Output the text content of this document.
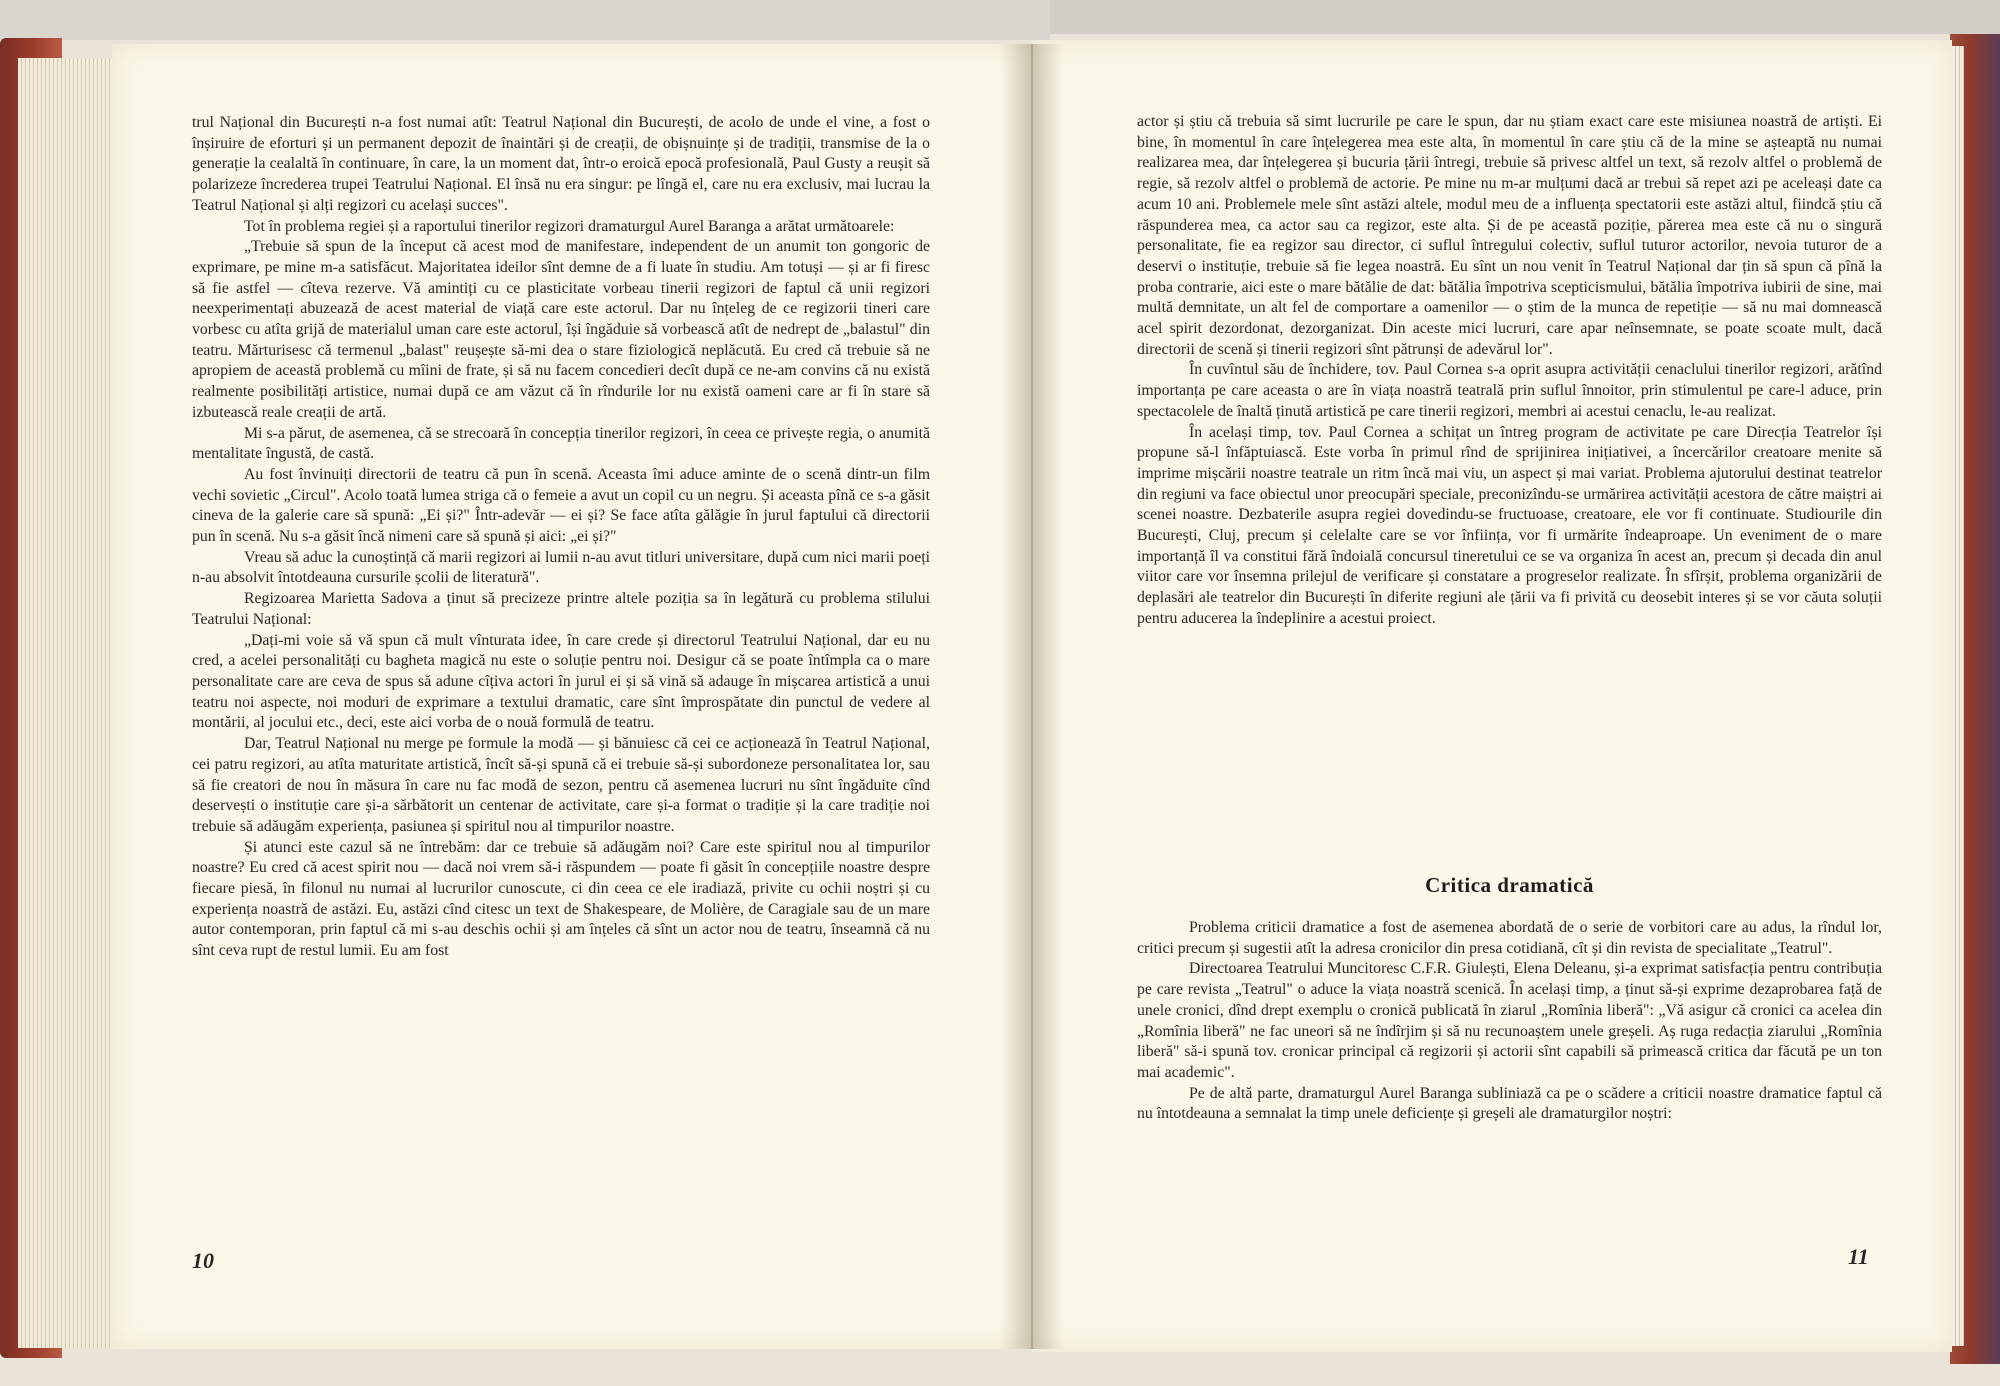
trul Național din București n-a fost numai atît: Teatrul Național din București, de acolo de unde el vine, a fost o înșiruire de eforturi și un permanent depozit de înaintări și de creații, de obișnuințe și de tradiții, transmise de la o generație la cealaltă în continuare, în care, la un moment dat, într-o eroică epocă profesională, Paul Gusty a reușit să polarizeze încrederea trupei Teatrului Național. El însă nu era singur: pe lîngă el, care nu era exclusiv, mai lucrau la Teatrul Național și alți regizori cu același succes".

Tot în problema regiei și a raportului tinerilor regizori dramaturgul Aurel Baranga a arătat următoarele:

„Trebuie să spun de la început că acest mod de manifestare, independent de un anumit ton gongoric de exprimare, pe mine m-a satisfăcut. Majoritatea ideilor sînt demne de a fi luate în studiu. Am totuși — și ar fi firesc să fie astfel — cîteva rezerve. Vă amintiți cu ce plasticitate vorbeau tinerii regizori de faptul că unii regizori neexperimentați abuzează de acest material de viață care este actorul. Dar nu înțeleg de ce regizorii tineri care vorbesc cu atîta grijă de materialul uman care este actorul, își îngăduie să vorbească atît de nedrept de „balastul" din teatru. Mărturisesc că termenul „balast" reușește să-mi dea o stare fiziologică neplăcută. Eu cred că trebuie să ne apropiem de această problemă cu mîini de frate, și să nu facem concedieri decît după ce ne-am convins că nu există realmente posibilități artistice, numai după ce am văzut că în rîndurile lor nu există oameni care ar fi în stare să izbutească reale creații de artă.

Mi s-a părut, de asemenea, că se strecoară în concepția tinerilor regizori, în ceea ce privește regia, o anumită mentalitate îngustă, de castă.

Au fost învinuiți directorii de teatru că pun în scenă. Aceasta îmi aduce aminte de o scenă dintr-un film vechi sovietic „Circul". Acolo toată lumea striga că o femeie a avut un copil cu un negru. Și aceasta pînă ce s-a găsit cineva de la galerie care să spună: „Ei și?" Într-adevăr — ei și? Se face atîta gălăgie în jurul faptului că directorii pun în scenă. Nu s-a găsit încă nimeni care să spună și aici: „ei și?"

Vreau să aduc la cunoștință că marii regizori ai lumii n-au avut titluri universitare, după cum nici marii poeți n-au absolvit întotdeauna cursurile școlii de literatură".

Regizoarea Marietta Sadova a ținut să precizeze printre altele poziția sa în legătură cu problema stilului Teatrului Național:

„Dați-mi voie să vă spun că mult vînturata idee, în care crede și directorul Teatrului Național, dar eu nu cred, a acelei personalități cu bagheta magică nu este o soluție pentru noi. Desigur că se poate întîmpla ca o mare personalitate care are ceva de spus să adune cîțiva actori în jurul ei și să vină să adauge în mișcarea artistică a unui teatru noi aspecte, noi moduri de exprimare a textului dramatic, care sînt împrospătate din punctul de vedere al montării, al jocului etc., deci, este aici vorba de o nouă formulă de teatru.

Dar, Teatrul Național nu merge pe formule la modă — și bănuiesc că cei ce acționează în Teatrul Național, cei patru regizori, au atîta maturitate artistică, încît să-și spună că ei trebuie să-și subordoneze personalitatea lor, sau să fie creatori de nou în măsura în care nu fac modă de sezon, pentru că asemenea lucruri nu sînt îngăduite cînd deservești o instituție care și-a sărbătorit un centenar de activitate, care și-a format o tradiție și la care tradiție noi trebuie să adăugăm experiența, pasiunea și spiritul nou al timpurilor noastre.

Și atunci este cazul să ne întrebăm: dar ce trebuie să adăugăm noi? Care este spiritul nou al timpurilor noastre? Eu cred că acest spirit nou — dacă noi vrem să-i răspundem — poate fi găsit în concepțiile noastre despre fiecare piesă, în filonul nu numai al lucrurilor cunoscute, ci din ceea ce ele iradiază, privite cu ochii noștri și cu experiența noastră de astăzi. Eu, astăzi cînd citesc un text de Shakespeare, de Molière, de Caragiale sau de un mare autor contemporan, prin faptul că mi s-au deschis ochii și am înțeles că sînt un actor nou de teatru, înseamnă că nu sînt ceva rupt de restul lumii. Eu am fost

10

actor și știu că trebuia să simt lucrurile pe care le spun, dar nu știam exact care este misiunea noastră de artiști. Ei bine, în momentul în care înțelegerea mea este alta, în momentul în care știu că de la mine se așteaptă nu numai realizarea mea, dar înțelegerea și bucuria țării întregi, trebuie să privesc altfel un text, să rezolv altfel o problemă de regie, să rezolv altfel o problemă de actorie. Pe mine nu m-ar mulțumi dacă ar trebui să repet azi pe aceleași date ca acum 10 ani. Problemele mele sînt astăzi altele, modul meu de a influența spectatorii este astăzi altul, fiindcă știu că răspunderea mea, ca actor sau ca regizor, este alta. Și de pe această poziție, părerea mea este că nu o singură personalitate, fie ea regizor sau director, ci suflul întregului colectiv, suflul tuturor actorilor, nevoia tuturor de a deservi o instituție, trebuie să fie legea noastră. Eu sînt un nou venit în Teatrul Național dar țin să spun că pînă la proba contrarie, aici este o mare bătălie de dat: bătălia împotriva scepticismului, bătălia împotriva iubirii de sine, mai multă demnitate, un alt fel de comportare a oamenilor — o știm de la munca de repetiție — să nu mai domnească acel spirit dezordonat, dezorganizat. Din aceste mici lucruri, care apar neînsemnate, se poate scoate mult, dacă directorii de scenă și tinerii regizori sînt pătrunși de adevărul lor".

În cuvîntul său de închidere, tov. Paul Cornea s-a oprit asupra activității cenaclului tinerilor regizori, arătînd importanța pe care aceasta o are în viața noastră teatrală prin suflul înnoitor, prin stimulentul pe care-l aduce, prin spectacolele de înaltă ținută artistică pe care tinerii regizori, membri ai acestui cenaclu, le-au realizat.

În același timp, tov. Paul Cornea a schițat un întreg program de activitate pe care Direcția Teatrelor își propune să-l înfăptuiască. Este vorba în primul rînd de sprijinirea inițiativei, a încercărilor creatoare menite să imprime mișcării noastre teatrale un ritm încă mai viu, un aspect și mai variat. Problema ajutorului destinat teatrelor din regiuni va face obiectul unor preocupări speciale, preconizîndu-se urmărirea activității acestora de către maiștri ai scenei noastre. Dezbaterile asupra regiei dovedindu-se fructuoase, creatoare, ele vor fi continuate. Studiourile din București, Cluj, precum și celelalte care se vor înființa, vor fi urmărite îndeaproape. Un eveniment de o mare importanță îl va constitui fără îndoială concursul tineretului ce se va organiza în acest an, precum și decada din anul viitor care vor însemna prilejul de verificare și constatare a progreselor realizate. În sfîrșit, problema organizării de deplasări ale teatrelor din București în diferite regiuni ale țării va fi privită cu deosebit interes și se vor căuta soluții pentru aducerea la îndeplinire a acestui proiect.

Critica dramatică

Problema criticii dramatice a fost de asemenea abordată de o serie de vorbitori care au adus, la rîndul lor, critici precum și sugestii atît la adresa cronicilor din presa cotidiană, cît și din revista de specialitate „Teatrul".

Directoarea Teatrului Muncitoresc C.F.R. Giulești, Elena Deleanu, și-a exprimat satisfacția pentru contribuția pe care revista „Teatrul" o aduce la viața noastră scenică. În același timp, a ținut să-și exprime dezaprobarea față de unele cronici, dînd drept exemplu o cronică publicată în ziarul „Romînia liberă": „Vă asigur că cronici ca acelea din „Romînia liberă" ne fac uneori să ne îndîrjim și să nu recunoaștem unele greșeli. Aș ruga redacția ziarului „Romînia liberă" să-i spună tov. cronicar principal că regizorii și actorii sînt capabili să primească critica dar făcută pe un ton mai academic".

Pe de altă parte, dramaturgul Aurel Baranga subliniază ca pe o scădere a criticii noastre dramatice faptul că nu întotdeauna a semnalat la timp unele deficiențe și greșeli ale dramaturgilor noștri:

11
